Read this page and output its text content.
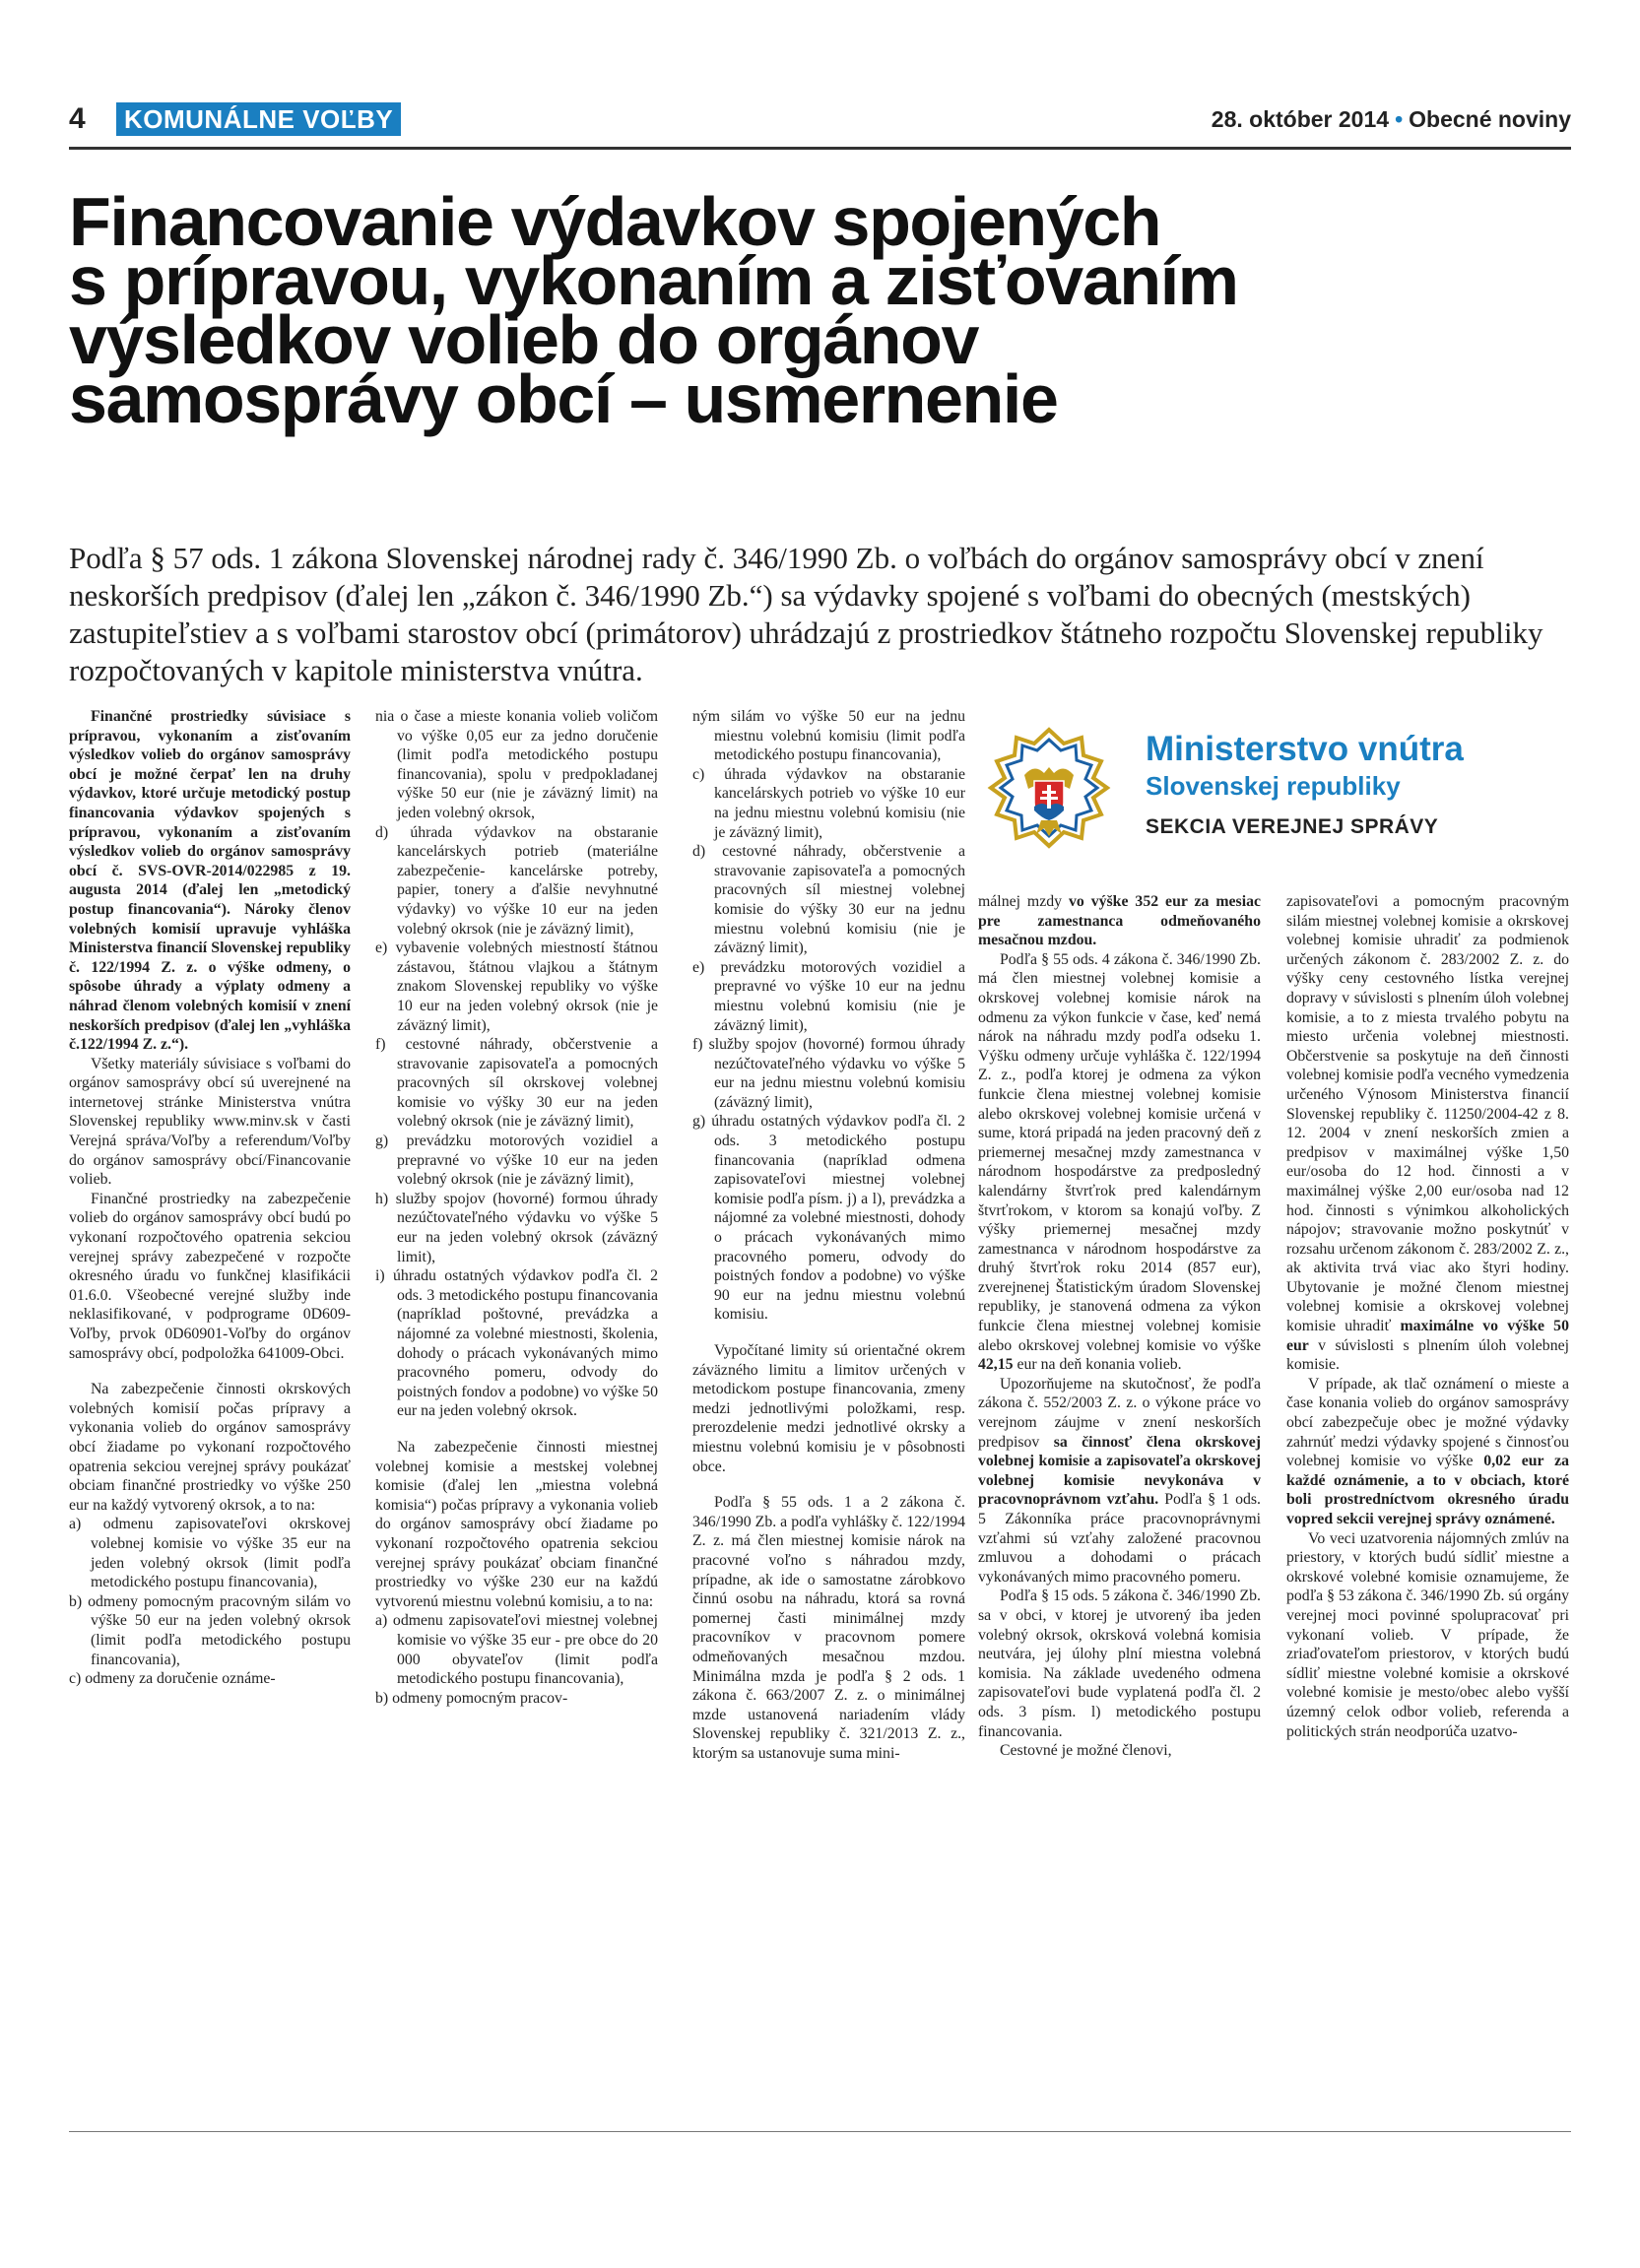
4	KOMUNÁLNE VOĽBY	28. október 2014 • Obecné noviny
Financovanie výdavkov spojených
s prípravou, vykonaním a zisťovaním
výsledkov volieb do orgánov
samosprávy obcí – usmernenie

Podľa § 57 ods. 1 zákona Slovenskej národnej rady č. 346/1990 Zb. o voľbách do orgánov samosprávy obcí v znení neskorších predpisov (ďalej len „zákon č. 346/1990 Zb.“) sa výdavky spojené s voľbami do obecných (mestských) zastupiteľstiev a s voľbami starostov obcí (primátorov) uhrádzajú z prostriedkov štátneho rozpočtu Slovenskej republiky rozpočtovaných v kapitole ministerstva vnútra.

Finančné prostriedky súvisiace s prípravou, vykonaním a zisťovaním výsledkov volieb do orgánov samosprávy obcí je možné čerpať len na druhy výdavkov, ktoré určuje metodický postup financovania výdavkov spojených s prípravou, vykonaním a zisťovaním výsledkov volieb do orgánov samosprávy obcí č. SVS-OVR-2014/022985 z 19. augusta 2014 (ďalej len „metodický postup financovania“). Nároky členov volebných komisií upravuje vyhláška Ministerstva financií Slovenskej republiky č. 122/1994 Z. z. o výške odmeny, o spôsobe úhrady a výplaty odmeny a náhrad členom volebných komisií v znení neskorších predpisov (ďalej len „vyhláška č.122/1994 Z. z.“).

Všetky materiály súvisiace s voľbami do orgánov samosprávy obcí sú uverejnené na internetovej stránke Ministerstva vnútra Slovenskej republiky www.minv.sk v časti Verejná správa/Voľby a referendum/Voľby do orgánov samosprávy obcí/Financovanie volieb.

Finančné prostriedky na zabezpečenie volieb do orgánov samosprávy obcí budú po vykonaní rozpočtového opatrenia sekciou verejnej správy zabezpečené v rozpočte okresného úradu vo funkčnej klasifikácii 01.6.0. Všeobecné verejné služby inde neklasifikované, v podprograme 0D609-Voľby, prvok 0D60901-Voľby do orgánov samosprávy obcí, podpoložka 641009-Obci.

Na zabezpečenie činnosti okrskových volebných komisií počas prípravy a vykonania volieb do orgánov samosprávy obcí žiadame po vykonaní rozpočtového opatrenia sekciou verejnej správy poukázať obciam finančné prostriedky vo výške 250 eur na každý vytvorený okrsok, a to na:

a) odmenu zapisovateľovi okrskovej volebnej komisie vo výške 35 eur na jeden volebný okrsok (limit podľa metodického postupu financovania),
b) odmeny pomocným pracovným silám vo výške 50 eur na jeden volebný okrsok (limit podľa metodického postupu financovania),
c) odmeny za doručenie oznáme-
nia o čase a mieste konania volieb voličom vo výške 0,05 eur za jedno doručenie (limit podľa metodického postupu financovania), spolu v predpokladanej výške 50 eur (nie je záväzný limit) na jeden volebný okrsok,
d) úhrada výdavkov na obstaranie kancelárskych potrieb (materiálne zabezpečenie- kancelárske potreby, papier, tonery a ďalšie nevyhnutné výdavky) vo výške 10 eur na jeden volebný okrsok (nie je záväzný limit),
e) vybavenie volebných miestností štátnou zástavou, štátnou vlajkou a štátnym znakom Slovenskej republiky vo výške 10 eur na jeden volebný okrsok (nie je záväzný limit),
f) cestovné náhrady, občerstvenie a stravovanie zapisovateľa a pomocných pracovných síl okrskovej volebnej komisie vo výšky 30 eur na jeden volebný okrsok (nie je záväzný limit),
g) prevádzku motorových vozidiel a prepravné vo výške 10 eur na jeden volebný okrsok (nie je záväzný limit),
h) služby spojov (hovorné) formou úhrady nezúčtovateľného výdavku vo výške 5 eur na jeden volebný okrsok (záväzný limit),
i) úhradu ostatných výdavkov podľa čl. 2 ods. 3 metodického postupu financovania (napríklad poštovné, prevádzka a nájomné za volebné miestnosti, školenia, dohody o prácach vykonávaných mimo pracovného pomeru, odvody do poistných fondov a podobne) vo výške 50 eur na jeden volebný okrsok.

Na zabezpečenie činnosti miestnej volebnej komisie a mestskej volebnej komisie (ďalej len „miestna volebná komisia“) počas prípravy a vykonania volieb do orgánov samosprávy obcí žiadame po vykonaní rozpočtového opatrenia sekciou verejnej správy poukázať obciam finančné prostriedky vo výške 230 eur na každú vytvorenú miestnu volebnú komisiu, a to na:

a) odmenu zapisovateľovi miestnej volebnej komisie vo výške 35 eur - pre obce do 20 000 obyvateľov (limit podľa metodického postupu financovania),
b) odmeny pomocným pracov-
ným silám vo výške 50 eur na jednu miestnu volebnú komisiu (limit podľa metodického postupu financovania),
c) úhrada výdavkov na obstaranie kancelárskych potrieb vo výške 10 eur na jednu miestnu volebnú komisiu (nie je záväzný limit),
d) cestovné náhrady, občerstvenie a stravovanie zapisovateľa a pomocných pracovných síl miestnej volebnej komisie do výšky 30 eur na jednu miestnu volebnú komisiu (nie je záväzný limit),
e) prevádzku motorových vozidiel a prepravné vo výške 10 eur na jednu miestnu volebnú komisiu (nie je záväzný limit),
f) služby spojov (hovorné) formou úhrady nezúčtovateľného výdavku vo výške 5 eur na jednu miestnu volebnú komisiu (záväzný limit),
g) úhradu ostatných výdavkov podľa čl. 2 ods. 3 metodického postupu financovania (napríklad odmena zapisovateľovi miestnej volebnej komisie podľa písm. j) a l), prevádzka a nájomné za volebné miestnosti, dohody o prácach vykonávaných mimo pracovného pomeru, odvody do poistných fondov a podobne) vo výške 90 eur na jednu miestnu volebnú komisiu.

Vypočítané limity sú orientačné okrem záväzného limitu a limitov určených v metodickom postupe financovania, zmeny medzi jednotlivými položkami, resp. prerozdelenie medzi jednotlivé okrsky a miestnu volebnú komisiu je v pôsobnosti obce.

Podľa § 55 ods. 1 a 2 zákona č. 346/1990 Zb. a podľa vyhlášky č. 122/1994 Z. z. má člen miestnej komisie nárok na pracovné voľno s náhradou mzdy, prípadne, ak ide o samostatne zárobkovo činnú osobu na náhradu, ktorá sa rovná pomernej časti minimálnej mzdy pracovníkov v pracovnom pomere odmeňovaných mesačnou mzdou. Minimálna mzda je podľa § 2 ods. 1 zákona č. 663/2007 Z. z. o minimálnej mzde ustanovená nariadením vlády Slovenskej republiky č. 321/2013 Z. z., ktorým sa ustanovuje suma mini-

Ministerstvo vnútra
Slovenskej republiky
SEKCIA VEREJNEJ SPRÁVY

málnej mzdy vo výške 352 eur za mesiac pre zamestnanca odmeňovaného mesačnou mzdou.

Podľa § 55 ods. 4 zákona č. 346/1990 Zb. má člen miestnej volebnej komisie a okrskovej volebnej komisie nárok na odmenu za výkon funkcie v čase, keď nemá nárok na náhradu mzdy podľa odseku 1. Výšku odmeny určuje vyhláška č. 122/1994 Z. z., podľa ktorej je odmena za výkon funkcie člena miestnej volebnej komisie alebo okrskovej volebnej komisie určená v sume, ktorá pripadá na jeden pracovný deň z priemernej mesačnej mzdy zamestnanca v národnom hospodárstve za predposledný kalendárny štvrťrok pred kalendárnym štvrťrokom, v ktorom sa konajú voľby. Z výšky priemernej mesačnej mzdy zamestnanca v národnom hospodárstve za druhý štvrťrok roku 2014 (857 eur), zverejnenej Štatistickým úradom Slovenskej republiky, je stanovená odmena za výkon funkcie člena miestnej volebnej komisie alebo okrskovej volebnej komisie vo výške 42,15 eur na deň konania volieb.

Upozorňujeme na skutočnosť, že podľa zákona č. 552/2003 Z. z. o výkone práce vo verejnom záujme v znení neskorších predpisov sa činnosť člena okrskovej volebnej komisie a zapisovateľa okrskovej volebnej komisie nevykonáva v pracovnoprávnom vzťahu. Podľa § 1 ods. 5 Zákonníka práce pracovnoprávnymi vzťahmi sú vzťahy založené pracovnou zmluvou a dohodami o prácach vykonávaných mimo pracovného pomeru.

Podľa § 15 ods. 5 zákona č. 346/1990 Zb. sa v obci, v ktorej je utvorený iba jeden volebný okrsok, okrsková volebná komisia neutvára, jej úlohy plní miestna volebná komisia. Na základe uvedeného odmena zapisovateľovi bude vyplatená podľa čl. 2 ods. 3 písm. l) metodického postupu financovania.

Cestovné je možné členovi,

zapisovateľovi a pomocným pracovným silám miestnej volebnej komisie a okrskovej volebnej komisie uhradiť za podmienok určených zákonom č. 283/2002 Z. z. do výšky ceny cestovného lístka verejnej dopravy v súvislosti s plnením úloh volebnej komisie, a to z miesta trvalého pobytu na miesto určenia volebnej miestnosti. Občerstvenie sa poskytuje na deň činnosti volebnej komisie podľa vecného vymedzenia určeného Výnosom Ministerstva financií Slovenskej republiky č. 11250/2004-42 z 8. 12. 2004 v znení neskorších zmien a predpisov v maximálnej výške 1,50 eur/osoba do 12 hod. činnosti a v maximálnej výške 2,00 eur/osoba nad 12 hod. činnosti s výnimkou alkoholických nápojov; stravovanie možno poskytnúť v rozsahu určenom zákonom č. 283/2002 Z. z., ak aktivita trvá viac ako štyri hodiny. Ubytovanie je možné členom miestnej volebnej komisie a okrskovej volebnej komisie uhradiť maximálne vo výške 50 eur v súvislosti s plnením úloh volebnej komisie.

V prípade, ak tlač oznámení o mieste a čase konania volieb do orgánov samosprávy obcí zabezpečuje obec je možné výdavky zahrnúť medzi výdavky spojené s činnosťou volebnej komisie vo výške 0,02 eur za každé oznámenie, a to v obciach, ktoré boli prostredníctvom okresného úradu vopred sekcii verejnej správy oznámené.

Vo veci uzatvorenia nájomných zmlúv na priestory, v ktorých budú sídliť miestne a okrskové volebné komisie oznamujeme, že podľa § 53 zákona č. 346/1990 Zb. sú orgány verejnej moci povinné spolupracovať pri vykonaní volieb. V prípade, že zriaďovateľom priestorov, v ktorých budú sídliť miestne volebné komisie a okrskové volebné komisie je mesto/obec alebo vyšší územný celok odbor volieb, referenda a politických strán neodporúča uzatvo-
